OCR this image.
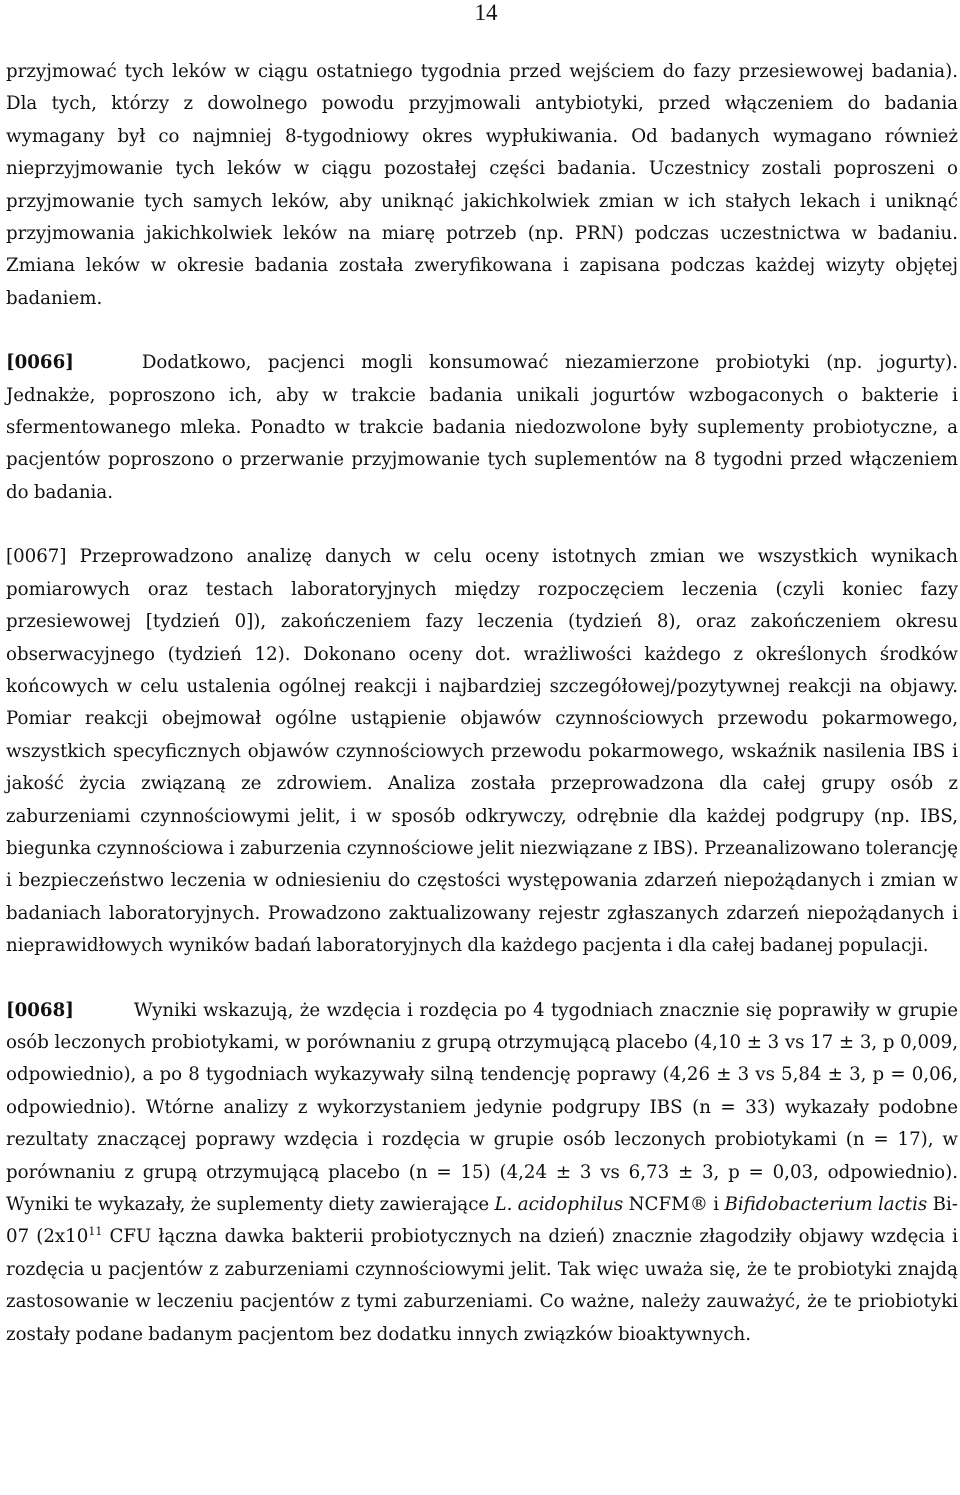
14

przyjmować tych leków w ciągu ostatniego tygodnia przed wejściem do fazy przesiewowej badania). Dla tych, którzy z dowolnego powodu przyjmowali antybiotyki, przed włączeniem do badania wymagany był co najmniej 8-tygodniowy okres wypłukiwania. Od badanych wymagano również nieprzyjmowanie tych leków w ciągu pozostałej części badania. Uczestnicy zostali poproszeni o przyjmowanie tych samych leków, aby uniknąć jakichkolwiek zmian w ich stałych lekach i uniknąć przyjmowania jakichkolwiek leków na miarę potrzeb (np. PRN) podczas uczestnictwa w badaniu. Zmiana leków w okresie badania została zweryfikowana i zapisana podczas każdej wizyty objętej badaniem.

[0066]	Dodatkowo, pacjenci mogli konsumować niezamierzone probiotyki (np. jogurty). Jednakże, poproszono ich, aby w trakcie badania unikali jogurtów wzbogaconych o bakterie i sfermentowanego mleka. Ponadto w trakcie badania niedozwolone były suplementy probiotyczne, a pacjentów poproszono o przerwanie przyjmowanie tych suplementów na 8 tygodni przed włączeniem do badania.

[0067] Przeprowadzono analizę danych w celu oceny istotnych zmian we wszystkich wynikach pomiarowych oraz testach laboratoryjnych między rozpoczęciem leczenia (czyli koniec fazy przesiewowej [tydzień 0]), zakończeniem fazy leczenia (tydzień 8), oraz zakończeniem okresu obserwacyjnego (tydzień 12). Dokonano oceny dot. wrażliwości każdego z określonych środków końcowych w celu ustalenia ogólnej reakcji i najbardziej szczegółowej/pozytywnej reakcji na objawy. Pomiar reakcji obejmował ogólne ustąpienie objawów czynnościowych przewodu pokarmowego, wszystkich specyficznych objawów czynnościowych przewodu pokarmowego, wskaźnik nasilenia IBS i jakość życia związaną ze zdrowiem. Analiza została przeprowadzona dla całej grupy osób z zaburzeniami czynnościowymi jelit, i w sposób odkrywczy, odrębnie dla każdej podgrupy (np. IBS, biegunka czynnościowa i zaburzenia czynnościowe jelit niezwiązane z IBS). Przeanalizowano tolerancję i bezpieczeństwo leczenia w odniesieniu do częstości występowania zdarzeń niepożądanych i zmian w badaniach laboratoryjnych. Prowadzono zaktualizowany rejestr zgłaszanych zdarzeń niepożądanych i nieprawidłowych wyników badań laboratoryjnych dla każdego pacjenta i dla całej badanej populacji.

[0068]	Wyniki wskazują, że wzdęcia i rozdęcia po 4 tygodniach znacznie się poprawiły w grupie osób leczonych probiotykami, w porównaniu z grupą otrzymującą placebo (4,10 ± 3 vs 17 ± 3, p 0,009, odpowiednio), a po 8 tygodniach wykazywały silną tendencję poprawy (4,26 ± 3 vs 5,84 ± 3, p = 0,06, odpowiednio). Wtórne analizy z wykorzystaniem jedynie podgrupy IBS (n = 33) wykazały podobne rezultaty znaczącej poprawy wzdęcia i rozdęcia w grupie osób leczonych probiotykami (n = 17), w porównaniu z grupą otrzymującą placebo (n = 15) (4,24 ± 3 vs 6,73 ± 3, p = 0,03, odpowiednio). Wyniki te wykazały, że suplementy diety zawierające L. acidophilus NCFM® i Bifidobacterium lactis Bi-07 ($2x10^{11}$ CFU łączna dawka bakterii probiotycznych na dzień) znacznie złagodziły objawy wzdęcia i rozdęcia u pacjentów z zaburzeniami czynnościowymi jelit. Tak więc uważa się, że te probiotyki znajdą zastosowanie w leczeniu pacjentów z tymi zaburzeniami. Co ważne, należy zauważyć, że te priobiotyki zostały podane badanym pacjentom bez dodatku innych związków bioaktywnych.
